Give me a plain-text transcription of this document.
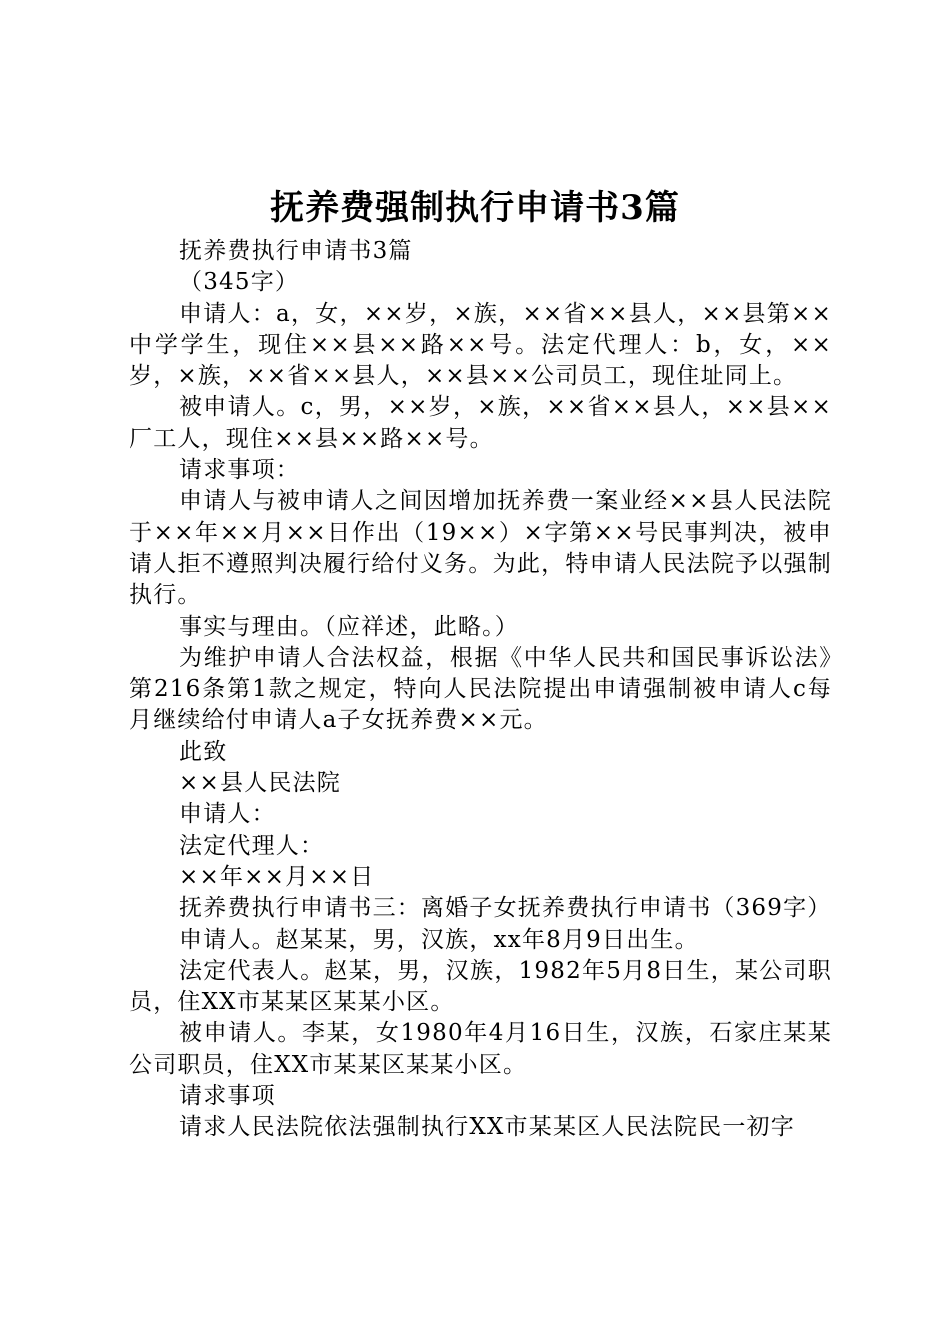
抚养费强制执行申请书3篇

抚养费执行申请书3篇

（345字）

申请人：a，女，××岁，×族，××省××县人，××县第××中学学生，现住××县××路××号。法定代理人：b，女，××岁，×族，××省××县人，××县××公司员工，现住址同上。

被申请人。c，男，××岁，×族，××省××县人，××县××厂工人，现住××县××路××号。

请求事项：

申请人与被申请人之间因增加抚养费一案业经××县人民法院于××年××月××日作出（19××）×字第××号民事判决，被申请人拒不遵照判决履行给付义务。为此，特申请人民法院予以强制执行。

事实与理由。（应祥述，此略。）

为维护申请人合法权益，根据《中华人民共和国民事诉讼法》第216条第1款之规定，特向人民法院提出申请强制被申请人c每月继续给付申请人a子女抚养费××元。

此致

××县人民法院

申请人：

法定代理人：

××年××月××日

抚养费执行申请书三：离婚子女抚养费执行申请书（369字）

申请人。赵某某，男，汉族，xx年8月9日出生。

法定代表人。赵某，男，汉族，1982年5月8日生，某公司职员，住XX市某某区某某小区。

被申请人。李某，女1980年4月16日生，汉族，石家庄某某公司职员，住XX市某某区某某小区。

请求事项

请求人民法院依法强制执行XX市某某区人民法院民一初字
